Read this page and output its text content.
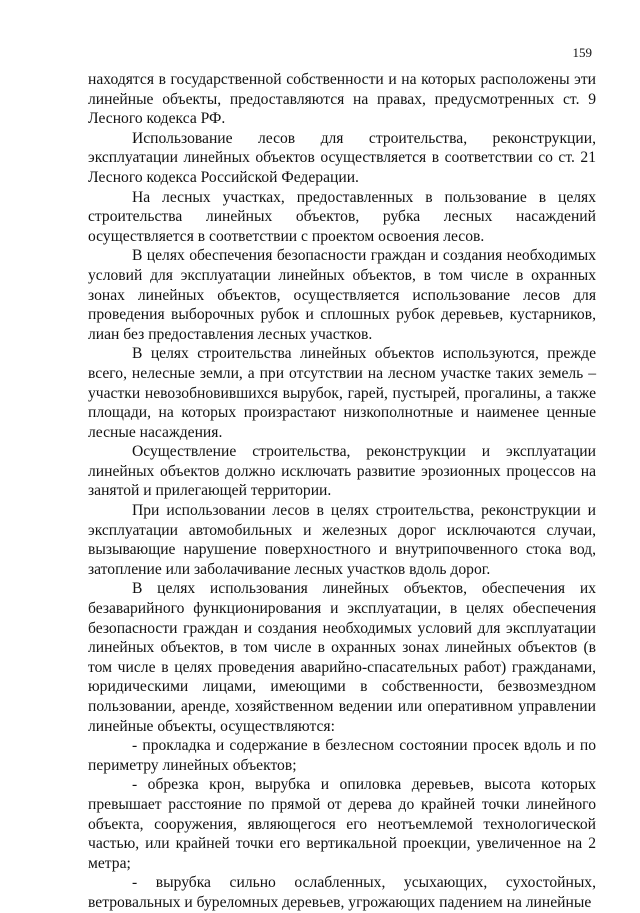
159

находятся в государственной собственности и на которых расположены эти линейные объекты, предоставляются на правах, предусмотренных ст. 9 Лесного кодекса РФ.

Использование лесов для строительства, реконструкции, эксплуатации линейных объектов осуществляется в соответствии со ст. 21 Лесного кодекса Российской Федерации.

На лесных участках, предоставленных в пользование в целях строительства линейных объектов, рубка лесных насаждений осуществляется в соответствии с проектом освоения лесов.

В целях обеспечения безопасности граждан и создания необходимых условий для эксплуатации линейных объектов, в том числе в охранных зонах линейных объектов, осуществляется использование лесов для проведения выборочных рубок и сплошных рубок деревьев, кустарников, лиан без предоставления лесных участков.

В целях строительства линейных объектов используются, прежде всего, нелесные земли, а при отсутствии на лесном участке таких земель – участки невозобновившихся вырубок, гарей, пустырей, прогалины, а также площади, на которых произрастают низкополнотные и наименее ценные лесные насаждения.

Осуществление строительства, реконструкции и эксплуатации линейных объектов должно исключать развитие эрозионных процессов на занятой и прилегающей территории.

При использовании лесов в целях строительства, реконструкции и эксплуатации автомобильных и железных дорог исключаются случаи, вызывающие нарушение поверхностного и внутрипочвенного стока вод, затопление или заболачивание лесных участков вдоль дорог.

В целях использования линейных объектов, обеспечения их безаварийного функционирования и эксплуатации, в целях обеспечения безопасности граждан и создания необходимых условий для эксплуатации линейных объектов, в том числе в охранных зонах линейных объектов (в том числе в целях проведения аварийно-спасательных работ) гражданами, юридическими лицами, имеющими в собственности, безвозмездном пользовании, аренде, хозяйственном ведении или оперативном управлении линейные объекты, осуществляются:

- прокладка и содержание в безлесном состоянии просек вдоль и по периметру линейных объектов;

- обрезка крон, вырубка и опиловка деревьев, высота которых превышает расстояние по прямой от дерева до крайней точки линейного объекта, сооружения, являющегося его неотъемлемой технологической частью, или крайней точки его вертикальной проекции, увеличенное на 2 метра;

- вырубка сильно ослабленных, усыхающих, сухостойных, ветровальных и буреломных деревьев, угрожающих падением на линейные
